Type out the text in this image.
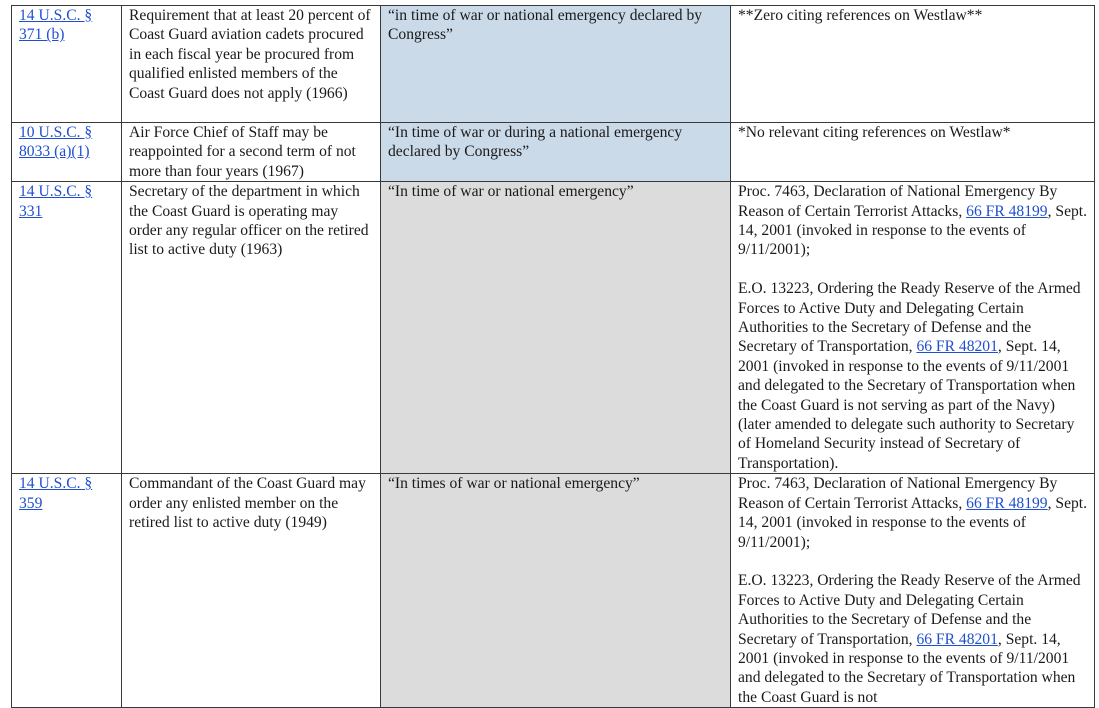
14 U.S.C. § 371 (b)	Requirement that at least 20 percent of Coast Guard aviation cadets procured in each fiscal year be procured from qualified enlisted members of the Coast Guard does not apply (1966)	“in time of war or national emergency declared by Congress”	**Zero citing references on Westlaw**
10 U.S.C. § 8033 (a)(1)	Air Force Chief of Staff may be reappointed for a second term of not more than four years (1967)	“In time of war or during a national emergency declared by Congress”	*No relevant citing references on Westlaw*
14 U.S.C. § 331	Secretary of the department in which the Coast Guard is operating may order any regular officer on the retired list to active duty (1963)	“In time of war or national emergency”	Proc. 7463, Declaration of National Emergency By Reason of Certain Terrorist Attacks, 66 FR 48199, Sept. 14, 2001 (invoked in response to the events of 9/11/2001);
E.O. 13223, Ordering the Ready Reserve of the Armed Forces to Active Duty and Delegating Certain Authorities to the Secretary of Defense and the Secretary of Transportation, 66 FR 48201, Sept. 14, 2001 (invoked in response to the events of 9/11/2001 and delegated to the Secretary of Transportation when the Coast Guard is not serving as part of the Navy) (later amended to delegate such authority to Secretary of Homeland Security instead of Secretary of Transportation).

14 U.S.C. § 359	Commandant of the Coast Guard may order any enlisted member on the retired list to active duty (1949)	“In times of war or national emergency”	Proc. 7463, Declaration of National Emergency By Reason of Certain Terrorist Attacks, 66 FR 48199, Sept. 14, 2001 (invoked in response to the events of 9/11/2001);
E.O. 13223, Ordering the Ready Reserve of the Armed Forces to Active Duty and Delegating Certain Authorities to the Secretary of Defense and the Secretary of Transportation, 66 FR 48201, Sept. 14, 2001 (invoked in response to the events of 9/11/2001 and delegated to the Secretary of Transportation when the Coast Guard is not
